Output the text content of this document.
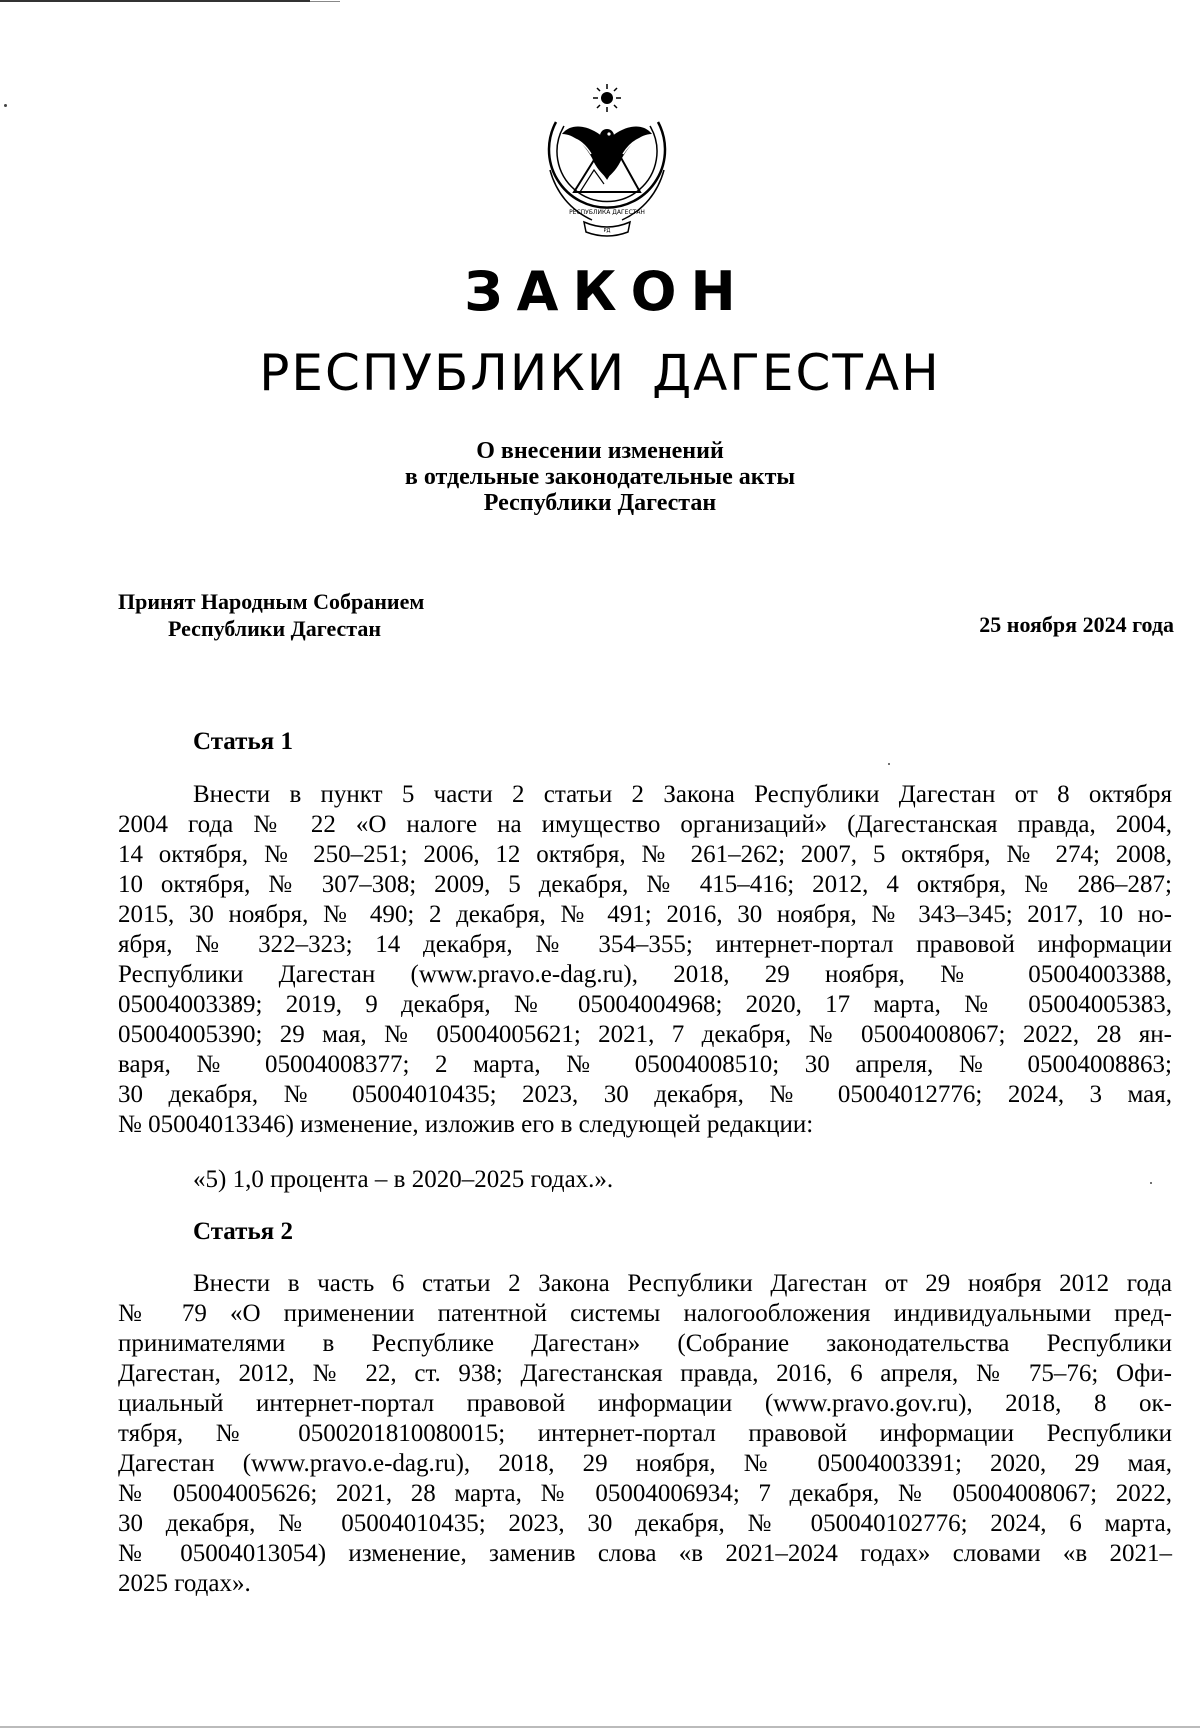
РД
РЕСПУБЛИКА ДАГЕСТАН
ЗАКОН
РЕСПУБЛИКИ ДАГЕСТАН
О внесении изменений
в отдельные законодательные акты
Республики Дагестан
Принят Народным Собранием
Республики Дагестан	25 ноября 2024 года
Статья 1
Внести в пункт 5 части 2 статьи 2 Закона Республики Дагестан от 8 октября
2004 года № 22 «О налоге на имущество организаций» (Дагестанская правда, 2004,
14 октября, № 250–251; 2006, 12 октября, № 261–262; 2007, 5 октября, № 274; 2008,
10 октября, № 307–308; 2009, 5 декабря, № 415–416; 2012, 4 октября, № 286–287;
2015, 30 ноября, № 490; 2 декабря, № 491; 2016, 30 ноября, № 343–345; 2017, 10 но-
ября, № 322–323; 14 декабря, № 354–355; интернет-портал правовой информации
Республики Дагестан (www.pravo.e-dag.ru), 2018, 29 ноября, № 05004003388,
05004003389; 2019, 9 декабря, № 05004004968; 2020, 17 марта, № 05004005383,
05004005390; 29 мая, № 05004005621; 2021, 7 декабря, № 05004008067; 2022, 28 ян-
варя, № 05004008377; 2 марта, № 05004008510; 30 апреля, № 05004008863;
30 декабря, № 05004010435; 2023, 30 декабря, № 05004012776; 2024, 3 мая,
№ 05004013346) изменение, изложив его в следующей редакции:
«5) 1,0 процента – в 2020–2025 годах.».
Статья 2
Внести в часть 6 статьи 2 Закона Республики Дагестан от 29 ноября 2012 года
№ 79 «О применении патентной системы налогообложения индивидуальными пред-
принимателями в Республике Дагестан» (Собрание законодательства Республики
Дагестан, 2012, № 22, ст. 938; Дагестанская правда, 2016, 6 апреля, № 75–76; Офи-
циальный интернет-портал правовой информации (www.pravo.gov.ru), 2018, 8 ок-
тября, № 0500201810080015; интернет-портал правовой информации Республики
Дагестан (www.pravo.e-dag.ru), 2018, 29 ноября, № 05004003391; 2020, 29 мая,
№ 05004005626; 2021, 28 марта, № 05004006934; 7 декабря, № 05004008067; 2022,
30 декабря, № 05004010435; 2023, 30 декабря, № 050040102776; 2024, 6 марта,
№ 05004013054) изменение, заменив слова «в 2021–2024 годах» словами «в 2021–
2025 годах».
